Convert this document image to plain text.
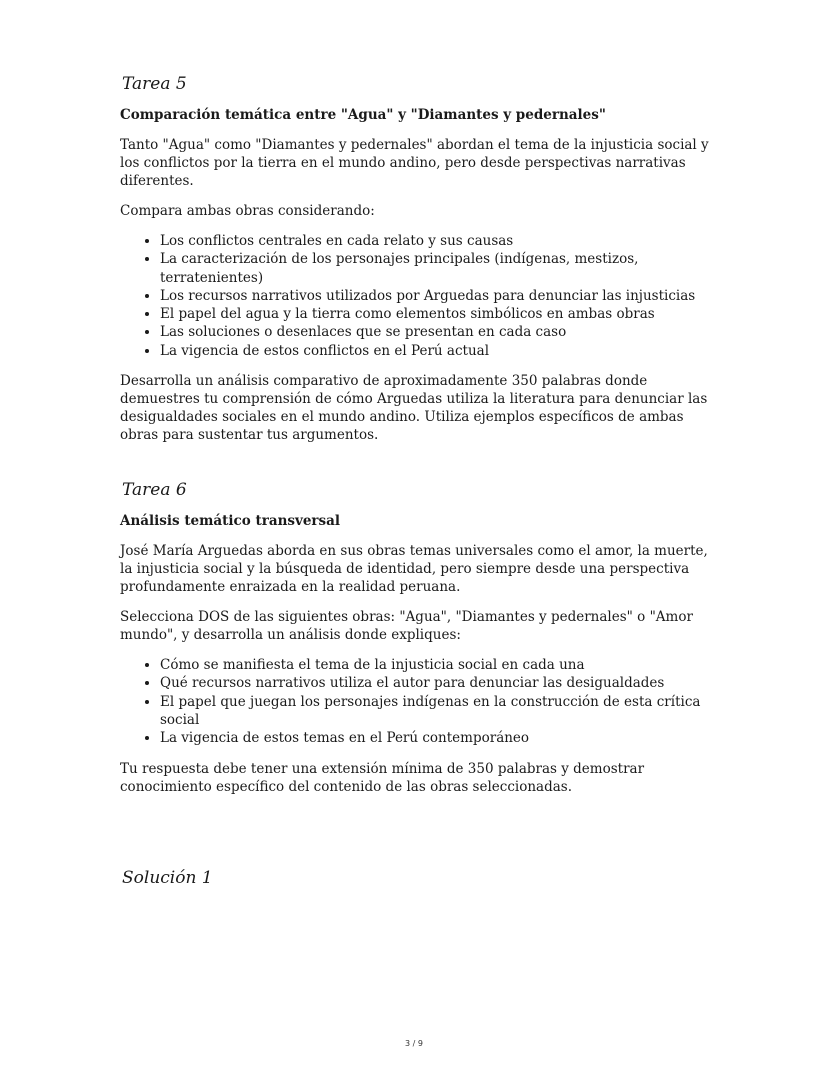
Tarea 5
Comparación temática entre "Agua" y "Diamantes y pedernales"

Tanto "Agua" como "Diamantes y pedernales" abordan el tema de la injusticia social y los conflictos por la tierra en el mundo andino, pero desde perspectivas narrativas diferentes.

Compara ambas obras considerando:

• Los conflictos centrales en cada relato y sus causas
• La caracterización de los personajes principales (indígenas, mestizos, terratenientes)
• Los recursos narrativos utilizados por Arguedas para denunciar las injusticias
• El papel del agua y la tierra como elementos simbólicos en ambas obras
• Las soluciones o desenlaces que se presentan en cada caso
• La vigencia de estos conflictos en el Perú actual

Desarrolla un análisis comparativo de aproximadamente 350 palabras donde demuestres tu comprensión de cómo Arguedas utiliza la literatura para denunciar las desigualdades sociales en el mundo andino. Utiliza ejemplos específicos de ambas obras para sustentar tus argumentos.

Tarea 6
Análisis temático transversal

José María Arguedas aborda en sus obras temas universales como el amor, la muerte, la injusticia social y la búsqueda de identidad, pero siempre desde una perspectiva profundamente enraizada en la realidad peruana.

Selecciona DOS de las siguientes obras: "Agua", "Diamantes y pedernales" o "Amor mundo", y desarrolla un análisis donde expliques:

• Cómo se manifiesta el tema de la injusticia social en cada una
• Qué recursos narrativos utiliza el autor para denunciar las desigualdades
• El papel que juegan los personajes indígenas en la construcción de esta crítica social
• La vigencia de estos temas en el Perú contemporáneo

Tu respuesta debe tener una extensión mínima de 350 palabras y demostrar conocimiento específico del contenido de las obras seleccionadas.

Solución 1
3 / 9
